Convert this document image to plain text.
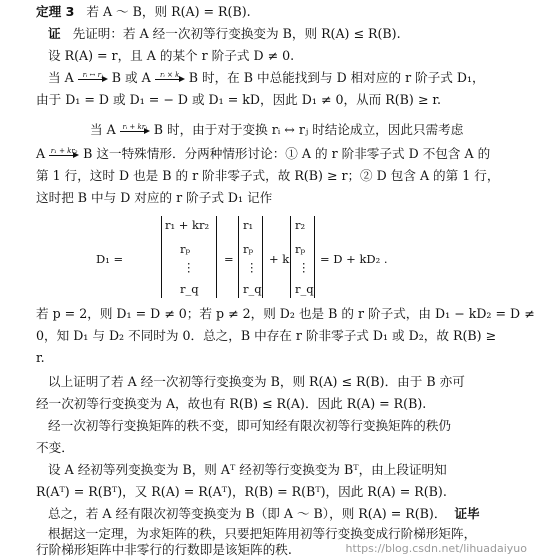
定理 3 若 A ～ B，则 R(A) = R(B).
证 先证明：若 A 经一次初等行变换变为 B，则 R(A) ≤ R(B).
设 R(A) = r，且 A 的某个 r 阶子式 D ≠ 0.
当 A	rᵢ ↔ rⱼ B 或 A	rᵢ × k B 时，在 B 中总能找到与 D 相对应的 r 阶子式 D₁，
由于 D₁ = D 或 D₁ = − D 或 D₁ = kD，因此 D₁ ≠ 0，从而 R(B) ≥ r.
当 A rᵢ + krⱼ B 时，由于对于变换 rᵢ ↔ rⱼ 时结论成立，因此只需考虑
A r₁ + kr₂ B 这一特殊情形．分两种情形讨论：① A 的 r 阶非零子式 D 不包含 A 的
第 1 行，这时 D 也是 B 的 r 阶非零子式，故 R(B) ≥ r；② D 包含 A 的第 1 行，
这时把 B 中与 D 对应的 r 阶子式 D₁ 记作
D₁ =
r₁ + kr₂
rₚ
⋮
r_q
=
r₁
rₚ
⋮
r_q
+ k
r₂
rₚ
⋮
r_q
= D + kD₂ .
若 p = 2，则 D₁ = D ≠ 0；若 p ≠ 2，则 D₂ 也是 B 的 r 阶子式，由 D₁ − kD₂ = D ≠
0，知 D₁ 与 D₂ 不同时为 0．总之，B 中存在 r 阶非零子式 D₁ 或 D₂，故 R(B) ≥
r.
以上证明了若 A 经一次初等行变换变为 B，则 R(A) ≤ R(B)．由于 B 亦可
经一次初等行变换变为 A，故也有 R(B) ≤ R(A)．因此 R(A) = R(B).
经一次初等行变换矩阵的秩不变，即可知经有限次初等行变换矩阵的秩仍
不变．
设 A 经初等列变换变为 B，则 Aᵀ 经初等行变换变为 Bᵀ，由上段证明知
R(Aᵀ) = R(Bᵀ)，又 R(A) = R(Aᵀ)，R(B) = R(Bᵀ)，因此 R(A) = R(B).
总之，若 A 经有限次初等变换变为 B（即 A ～ B），则 R(A) = R(B)． 证毕
根据这一定理，为求矩阵的秩，只要把矩阵用初等行变换变成行阶梯形矩阵，
行阶梯形矩阵中非零行的行数即是该矩阵的秩.	https://blog.csdn.net/lihuadaiyuo
